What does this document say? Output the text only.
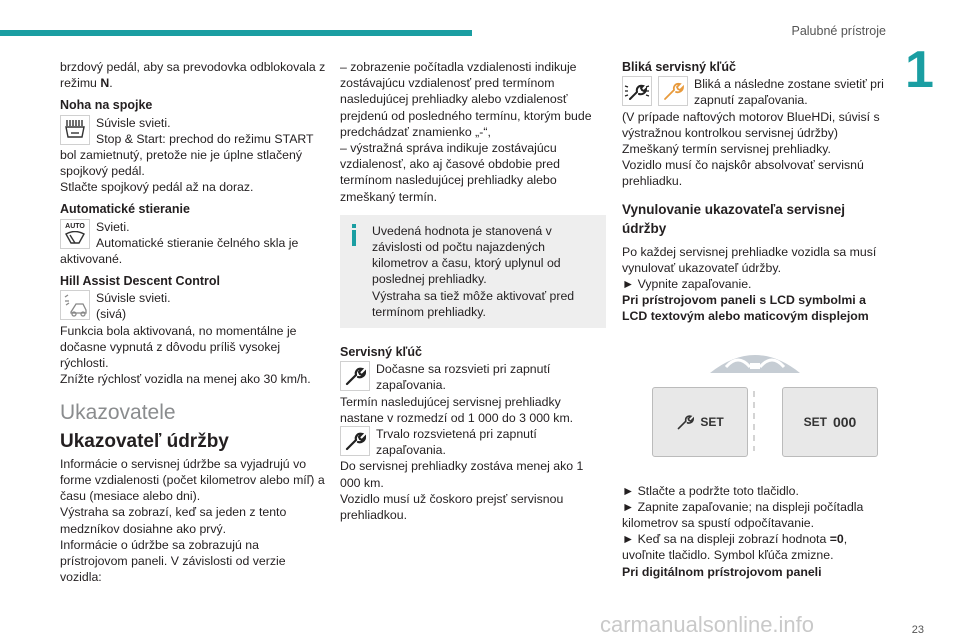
Palubné prístroje
1

brzdový pedál, aby sa prevodovka odblokovala z režimu N.

Noha na spojke
Súvisle svieti.

Stop & Start: prechod do režimu START bol zamietnutý, pretože nie je úplne stlačený spojkový pedál.

Stlačte spojkový pedál až na doraz.

Automatické stieranie
AUTO Svieti.

Automatické stieranie čelného skla je aktivované.

Hill Assist Descent Control
Súvisle svieti.
(sivá)

Funkcia bola aktivovaná, no momentálne je dočasne vypnutá z dôvodu príliš vysokej rýchlosti.

Znížte rýchlosť vozidla na menej ako 30 km/h.

Ukazovatele
Ukazovateľ údržby

Informácie o servisnej údržbe sa vyjadrujú vo forme vzdialenosti (počet kilometrov alebo míľ) a času (mesiace alebo dni).

Výstraha sa zobrazí, keď sa jeden z tento medzníkov dosiahne ako prvý.

Informácie o údržbe sa zobrazujú na prístrojovom paneli. V závislosti od verzie vozidla:

– zobrazenie počítadla vzdialenosti indikuje zostávajúcu vzdialenosť pred termínom nasledujúcej prehliadky alebo vzdialenosť prejdenú od posledného termínu, ktorým bude predchádzať znamienko „-“,

– výstražná správa indikuje zostávajúcu vzdialenosť, ako aj časové obdobie pred termínom nasledujúcej prehliadky alebo zmeškaný termín.

Uvedená hodnota je stanovená v závislosti od počtu najazdených kilometrov a času, ktorý uplynul od poslednej prehliadky.

Výstraha sa tiež môže aktivovať pred termínom prehliadky.

Servisný kľúč
Dočasne sa rozsvieti pri zapnutí zapaľovania.

Termín nasledujúcej servisnej prehliadky nastane v rozmedzí od 1 000 do 3 000 km.

Trvalo rozsvietená pri zapnutí zapaľovania.

Do servisnej prehliadky zostáva menej ako 1 000 km.

Vozidlo musí už čoskoro prejsť servisnou prehliadkou.

Bliká servisný kľúč
Bliká a následne zostane svietiť pri zapnutí zapaľovania.

(V prípade naftových motorov BlueHDi, súvisí s výstražnou kontrolkou servisnej údržby)

Zmeškaný termín servisnej prehliadky.

Vozidlo musí čo najskôr absolvovať servisnú prehliadku.

Vynulovanie ukazovateľa servisnej údržby

Po každej servisnej prehliadke vozidla sa musí vynulovať ukazovateľ údržby.

► Vypnite zapaľovanie.

Pri prístrojovom paneli s LCD symbolmi a LCD textovým alebo maticovým displejom

SET	SET 000

► Stlačte a podržte toto tlačidlo.

► Zapnite zapaľovanie; na displeji počítadla kilometrov sa spustí odpočítavanie.

► Keď sa na displeji zobrazí hodnota =0, uvoľnite tlačidlo. Symbol kľúča zmizne.

Pri digitálnom prístrojovom paneli

carmanualsonline.info	23
